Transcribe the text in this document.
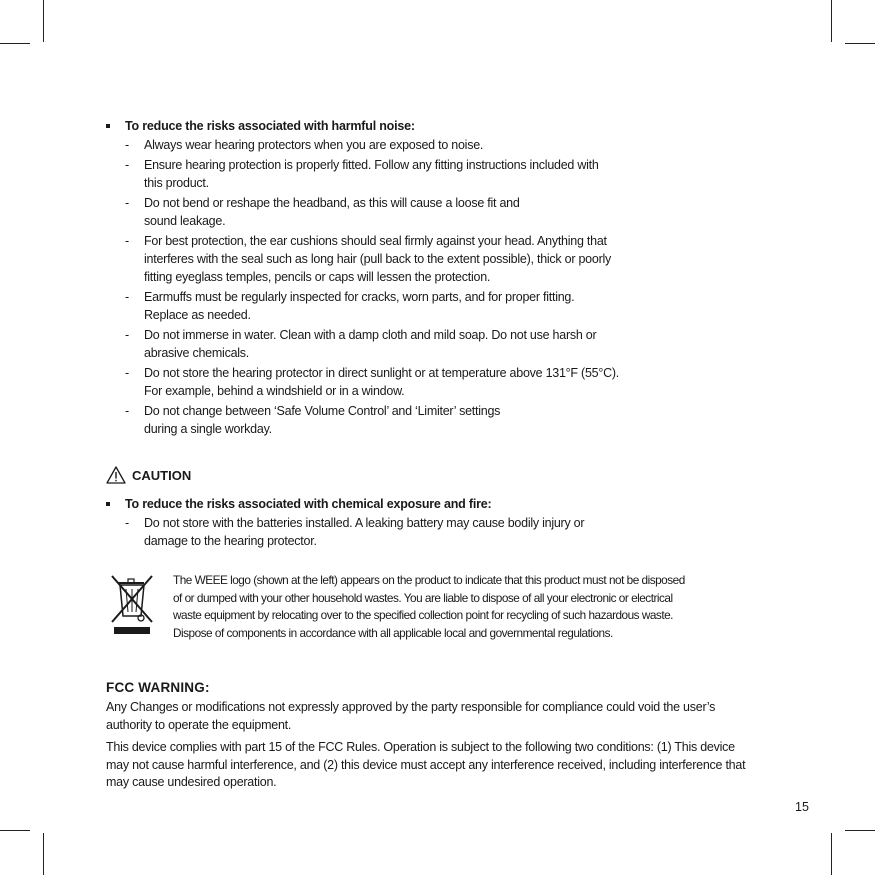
To reduce the risks associated with harmful noise:
- Always wear hearing protectors when you are exposed to noise.
- Ensure hearing protection is properly fitted. Follow any fitting instructions included with this product.
- Do not bend or reshape the headband, as this will cause a loose fit and sound leakage.
- For best protection, the ear cushions should seal firmly against your head. Anything that interferes with the seal such as long hair (pull back to the extent possible), thick or poorly fitting eyeglass temples, pencils or caps will lessen the protection.
- Earmuffs must be regularly inspected for cracks, worn parts, and for proper fitting. Replace as needed.
- Do not immerse in water. Clean with a damp cloth and mild soap. Do not use harsh or abrasive chemicals.
- Do not store the hearing protector in direct sunlight or at temperature above 131°F (55°C). For example, behind a windshield or in a window.
- Do not change between ‘Safe Volume Control’ and ‘Limiter’ settings during a single workday.
CAUTION
To reduce the risks associated with chemical exposure and fire:
- Do not store with the batteries installed. A leaking battery may cause bodily injury or damage to the hearing protector.
The WEEE logo (shown at the left) appears on the product to indicate that this product must not be disposed of or dumped with your other household wastes. You are liable to dispose of all your electronic or electrical waste equipment by relocating over to the specified collection point for recycling of such hazardous waste. Dispose of components in accordance with all applicable local and governmental regulations.
FCC WARNING:
Any Changes or modifications not expressly approved by the party responsible for compliance could void the user’s authority to operate the equipment.
This device complies with part 15 of the FCC Rules. Operation is subject to the following two conditions: (1) This device may not cause harmful interference, and (2) this device must accept any interference received, including interference that may cause undesired operation.
15
